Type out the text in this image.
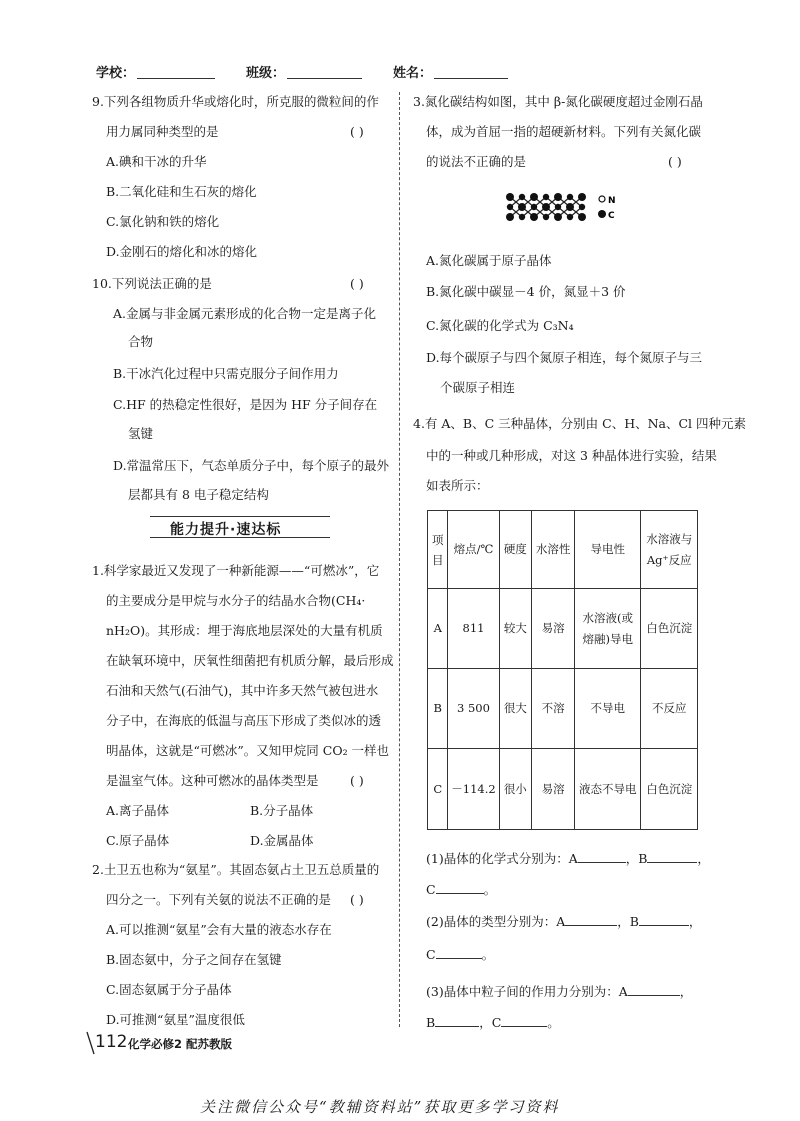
学校：	班级：	姓名：
9.下列各组物质升华或熔化时，所克服的微粒间的作
用力属同种类型的是	( )
A.碘和干冰的升华
B.二氧化硅和生石灰的熔化
C.氯化钠和铁的熔化
D.金刚石的熔化和冰的熔化
10.下列说法正确的是	( )
A.金属与非金属元素形成的化合物一定是离子化
合物
B.干冰汽化过程中只需克服分子间作用力
C.HF 的热稳定性很好，是因为 HF 分子间存在
氢键
D.常温常压下，气态单质分子中，每个原子的最外
层都具有 8 电子稳定结构
能力提升·速达标
1.科学家最近又发现了一种新能源——“可燃冰”，它
的主要成分是甲烷与水分子的结晶水合物(CH₄·
nH₂O)。其形成：埋于海底地层深处的大量有机质
在缺氧环境中，厌氧性细菌把有机质分解，最后形成
石油和天然气(石油气)，其中许多天然气被包进水
分子中，在海底的低温与高压下形成了类似冰的透
明晶体，这就是“可燃冰”。又知甲烷同 CO₂ 一样也
是温室气体。这种可燃冰的晶体类型是	( )
A.离子晶体	B.分子晶体
C.原子晶体	D.金属晶体
2.土卫五也称为“氨星”。其固态氨占土卫五总质量的
四分之一。下列有关氨的说法不正确的是 ( )
A.可以推测“氨星”会有大量的液态水存在
B.固态氨中，分子之间存在氢键
C.固态氨属于分子晶体
D.可推测“氨星”温度很低
3.氮化碳结构如图，其中 β-氮化碳硬度超过金刚石晶
体，成为首屈一指的超硬新材料。下列有关氮化碳
的说法不正确的是	( )
N
C
A.氮化碳属于原子晶体
B.氮化碳中碳显－4 价，氮显＋3 价
C.氮化碳的化学式为 C₃N₄
D.每个碳原子与四个氮原子相连，每个氮原子与三
个碳原子相连
4.有 A、B、C 三种晶体，分别由 C、H、Na、Cl 四种元素
中的一种或几种形成，对这 3 种晶体进行实验，结果
如表所示：
项目	熔点/℃	硬度	水溶性	导电性	水溶液与
Ag⁺反应

A	811	较大	易溶	水溶液(或
熔融)导电	白色沉淀
B	3 500	很大	不溶	不导电	不反应
C	－114.2	很小	易溶	液态不导电	白色沉淀
(1)晶体的化学式分别为：A	，B	，
C	。
(2)晶体的类型分别为：A	，B	，
C	。
(3)晶体中粒子间的作用力分别为：A	，
B	，C	。
112 化学必修2 配苏教版
关注微信公众号“教辅资料站”获取更多学习资料
